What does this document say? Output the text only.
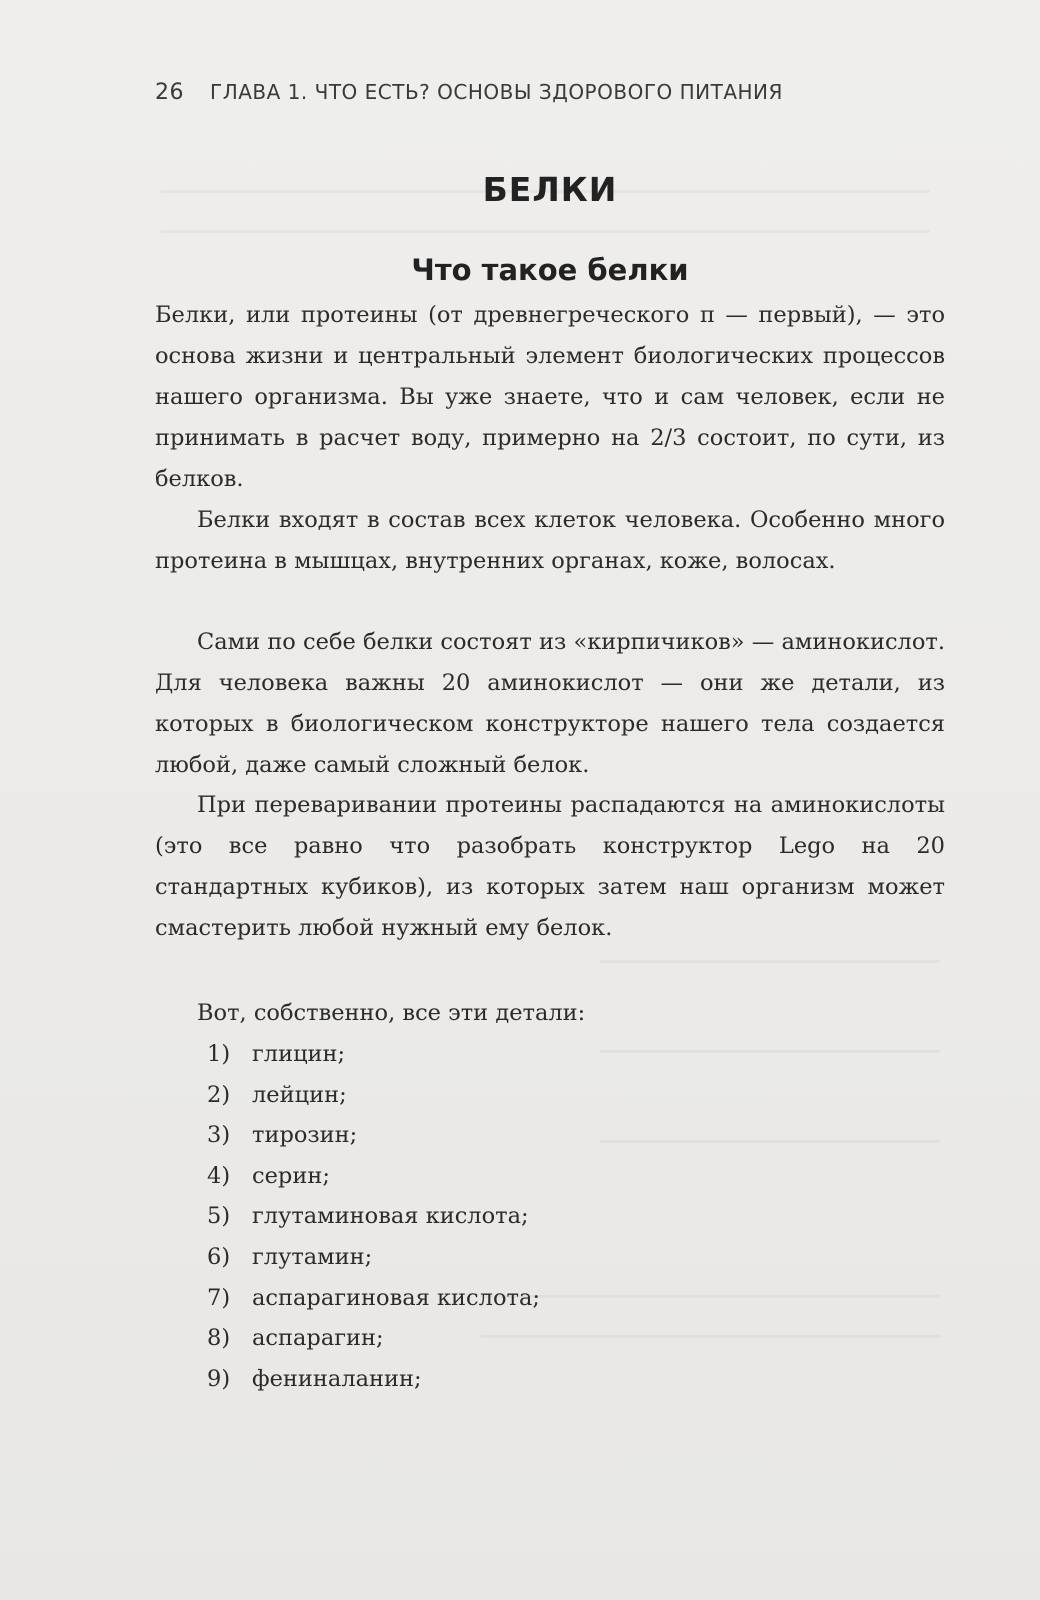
26 ГЛАВА 1. ЧТО ЕСТЬ? ОСНОВЫ ЗДОРОВОГО ПИТАНИЯ
БЕЛКИ
Что такое белки

Белки, или протеины (от древнегреческого π — первый), — это основа жизни и центральный элемент биологических процессов нашего организма. Вы уже знаете, что и сам человек, если не принимать в расчет воду, примерно на 2/3 состоит, по сути, из белков.

Белки входят в состав всех клеток человека. Особенно много протеина в мышцах, внутренних органах, коже, волосах.

Сами по себе белки состоят из «кирпичиков» — аминокислот. Для человека важны 20 аминокислот — они же детали, из которых в биологическом конструкторе нашего тела создается любой, даже самый сложный белок.

При переваривании протеины распадаются на аминокислоты (это все равно что разобрать конструктор Lego на 20 стандартных кубиков), из которых затем наш организм может смастерить любой нужный ему белок.

Вот, собственно, все эти детали:
1) глицин;
2) лейцин;
3) тирозин;
4) серин;
5) глутаминовая кислота;
6) глутамин;
7) аспарагиновая кислота;
8) аспарагин;
9) фениналанин;
